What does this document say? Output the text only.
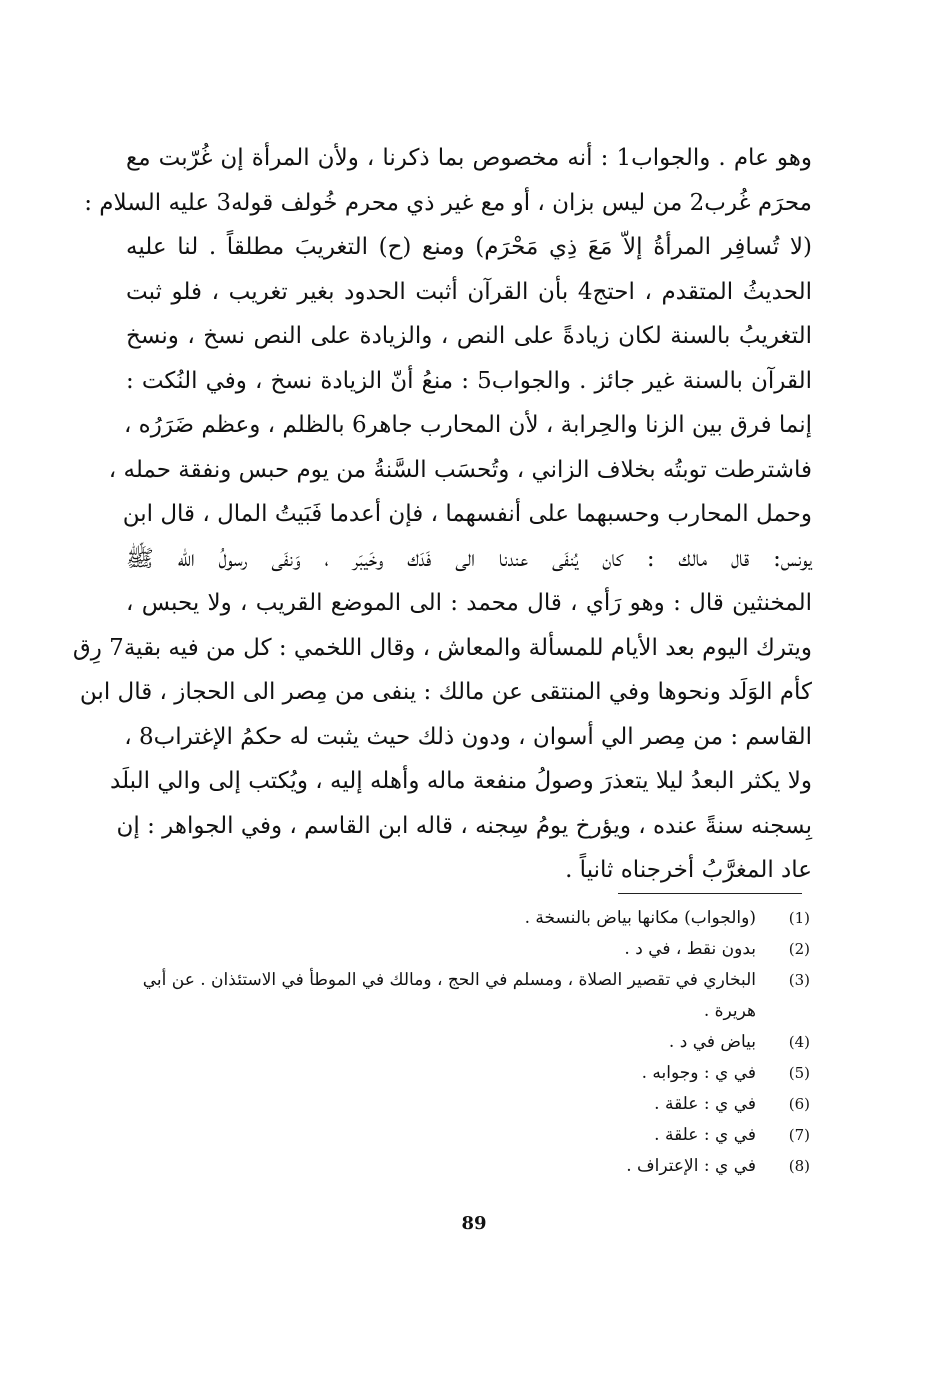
وهو عام . والجواب1 : أنه مخصوص بما ذكرنا ، ولأن المرأة إن غُرّبت مع
محرَم غُرب2 من ليس بزان ، أو مع غير ذي محرم خُولف قوله3 عليه السلام :
(لا تُسافِر المرأةُ إلاّ مَعَ ذِي مَحْرَم) ومنع (ح) التغريبَ مطلقاً . لنا عليه
الحديثُ المتقدم ، احتج4 بأن القرآن أثبت الحدود بغير تغريب ، فلو ثبت
التغريبُ بالسنة لكان زيادةً على النص ، والزيادة على النص نسخ ، ونسخ
القرآن بالسنة غير جائز . والجواب5 : منعُ أنّ الزيادة نسخ ، وفي النُكت :
إنما فرق بين الزنا والحِرابة ، لأن المحارب جاهر6 بالظلم ، وعظم ضَرَرُه ،
فاشترطت توبتُه بخلاف الزاني ، وتُحسَب السَّنةُ من يوم حبس ونفقة حمله ،
وحمل المحارب وحسبهما على أنفسهما ، فإن أعدما فَبَيتُ المال ، قال ابن
يونس: قال مالك : كان يُنفَى عندنا الى فَدَك وخَيبَر ، وَنفَى رسولُ الله ﷺ
المخنثين قال : وهو رَأي ، قال محمد : الى الموضع القريب ، ولا يحبس ،
ويترك اليوم بعد الأيام للمسألة والمعاش ، وقال اللخمي : كل من فيه بقية7 رِق
كأم الوَلَد ونحوها وفي المنتقى عن مالك : ينفى من مِصر الى الحجاز ، قال ابن
القاسم : من مِصر الي أسوان ، ودون ذلك حيث يثبت له حكمُ الإغتراب8 ،
ولا يكثر البعدُ ليلا يتعذرَ وصولُ منفعة ماله وأهله إليه ، ويُكتب إلى والي البلَد
بِسجنه سنةً عنده ، ويؤرخ يومُ سِجنه ، قاله ابن القاسم ، وفي الجواهر : إن
عاد المغرَّبُ أخرجناه ثانياً .
(1)
(والجواب) مكانها بياض بالنسخة .
(2)
بدون نقط ، في د .
(3)
البخاري في تقصير الصلاة ، ومسلم في الحج ، ومالك في الموطأ في الاستئذان . عن أبي هريرة .
(4)
بياض في د .
(5)
في ي : وجوابه .
(6)
في ي : علقة .
(7)
في ي : علقة .
(8)
في ي : الإعتراف .
89
